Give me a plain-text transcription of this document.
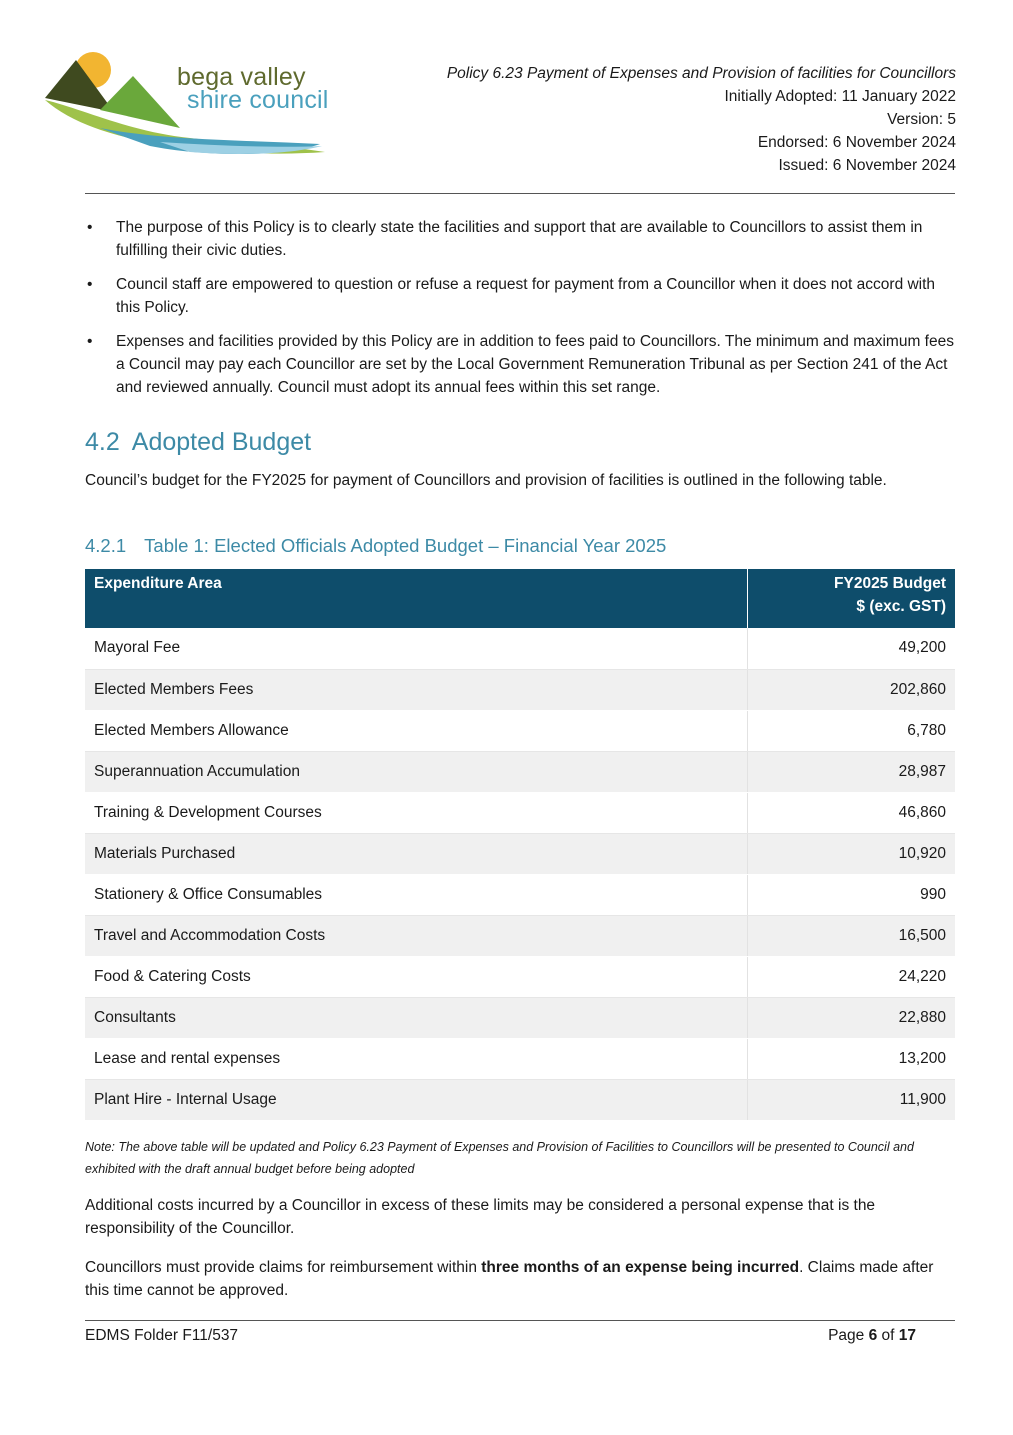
bega valley
shire council
Policy 6.23 Payment of Expenses and Provision of facilities for Councillors
Initially Adopted: 11 January 2022
Version: 5
Endorsed: 6 November 2024
Issued: 6 November 2024
• The purpose of this Policy is to clearly state the facilities and support that are available to Councillors to assist them in fulfilling their civic duties.
• Council staff are empowered to question or refuse a request for payment from a Councillor when it does not accord with this Policy.
• Expenses and facilities provided by this Policy are in addition to fees paid to Councillors. The minimum and maximum fees a Council may pay each Councillor are set by the Local Government Remuneration Tribunal as per Section 241 of the Act and reviewed annually. Council must adopt its annual fees within this set range.
4.2 Adopted Budget

Council’s budget for the FY2025 for payment of Councillors and provision of facilities is outlined in the following table.

4.2.1 Table 1: Elected Officials Adopted Budget – Financial Year 2025
Expenditure Area	FY2025 Budget
$ (exc. GST)

Mayoral Fee	49,200
Elected Members Fees	202,860
Elected Members Allowance	6,780
Superannuation Accumulation	28,987
Training & Development Courses	46,860
Materials Purchased	10,920
Stationery & Office Consumables	990
Travel and Accommodation Costs	16,500
Food & Catering Costs	24,220
Consultants	22,880
Lease and rental expenses	13,200
Plant Hire - Internal Usage	11,900

Note: The above table will be updated and Policy 6.23 Payment of Expenses and Provision of Facilities to Councillors will be presented to Council and exhibited with the draft annual budget before being adopted

Additional costs incurred by a Councillor in excess of these limits may be considered a personal expense that is the responsibility of the Councillor.

Councillors must provide claims for reimbursement within three months of an expense being incurred. Claims made after this time cannot be approved.

EDMS Folder F11/537	Page 6 of 17
